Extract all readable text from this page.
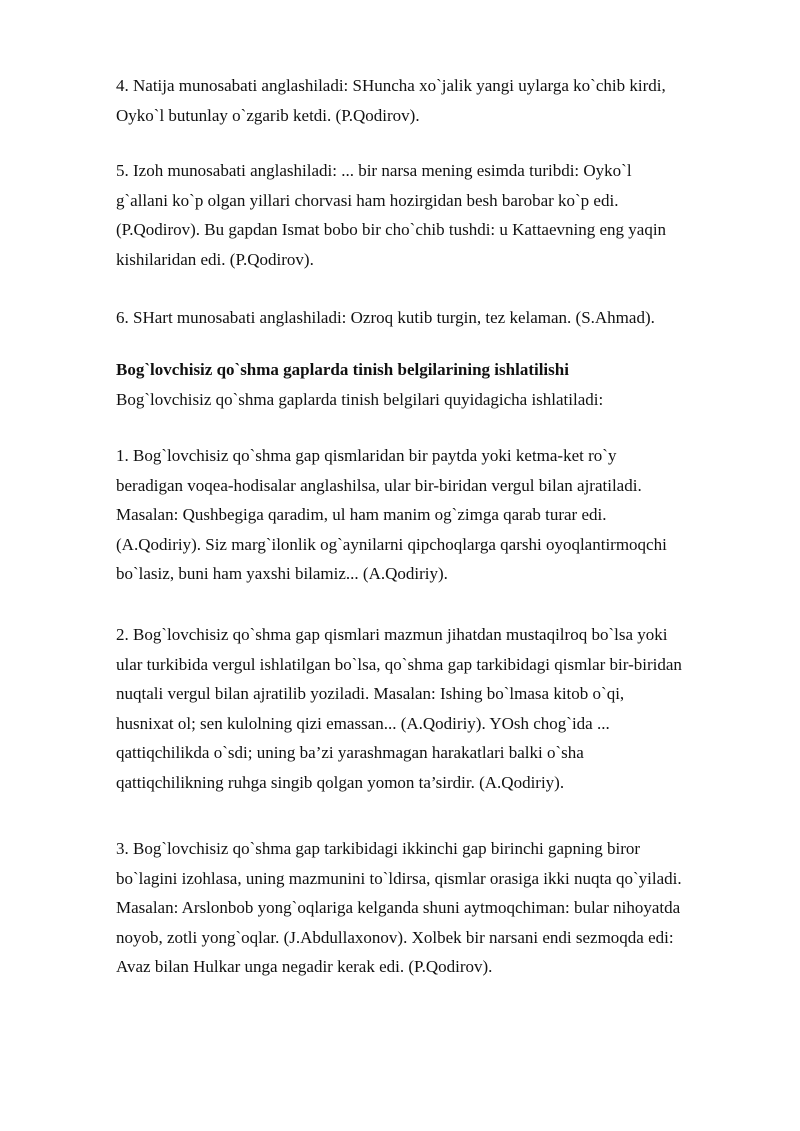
4. Natija munosabati anglashiladi: SHuncha xo`jalik yangi uylarga ko`chib kirdi,
Oyko`l butunlay o`zgarib ketdi. (P.Qodirov).

5. Izoh munosabati anglashiladi: ... bir narsa mening esimda turibdi: Oyko`l
g`allani ko`p olgan yillari chorvasi ham hozirgidan besh barobar ko`p edi.
(P.Qodirov). Bu gapdan Ismat bobo bir cho`chib tushdi: u Kattaevning eng yaqin
kishilaridan edi. (P.Qodirov).

6. SHart munosabati anglashiladi: Ozroq kutib turgin, tez kelaman. (S.Ahmad).

Bog`lovchisiz qo`shma gaplarda tinish belgilarining ishlatilishi
Bog`lovchisiz qo`shma gaplarda tinish belgilari quyidagicha ishlatiladi:

1. Bog`lovchisiz qo`shma gap qismlaridan bir paytda yoki ketma-ket ro`y
beradigan voqea-hodisalar anglashilsa, ular bir-biridan vergul bilan ajratiladi.
Masalan: Qushbegiga qaradim, ul ham manim og`zimga qarab turar edi.
(A.Qodiriy). Siz marg`ilonlik og`aynilarni qipchoqlarga qarshi oyoqlantirmoqchi
bo`lasiz, buni ham yaxshi bilamiz... (A.Qodiriy).

2. Bog`lovchisiz qo`shma gap qismlari mazmun jihatdan mustaqilroq bo`lsa yoki
ular turkibida vergul ishlatilgan bo`lsa, qo`shma gap tarkibidagi qismlar bir-biridan
nuqtali vergul bilan ajratilib yoziladi. Masalan: Ishing bo`lmasa kitob o`qi,
husnixat ol; sen kulolning qizi emassan... (A.Qodiriy). YOsh chog`ida ...
qattiqchilikda o`sdi; uning ba’zi yarashmagan harakatlari balki o`sha
qattiqchilikning ruhga singib qolgan yomon ta’sirdir. (A.Qodiriy).

3. Bog`lovchisiz qo`shma gap tarkibidagi ikkinchi gap birinchi gapning biror
bo`lagini izohlasa, uning mazmunini to`ldirsa, qismlar orasiga ikki nuqta qo`yiladi.
Masalan: Arslonbob yong`oqlariga kelganda shuni aytmoqchiman: bular nihoyatda
noyob, zotli yong`oqlar. (J.Abdullaxonov). Xolbek bir narsani endi sezmoqda edi:
Avaz bilan Hulkar unga negadir kerak edi. (P.Qodirov).
